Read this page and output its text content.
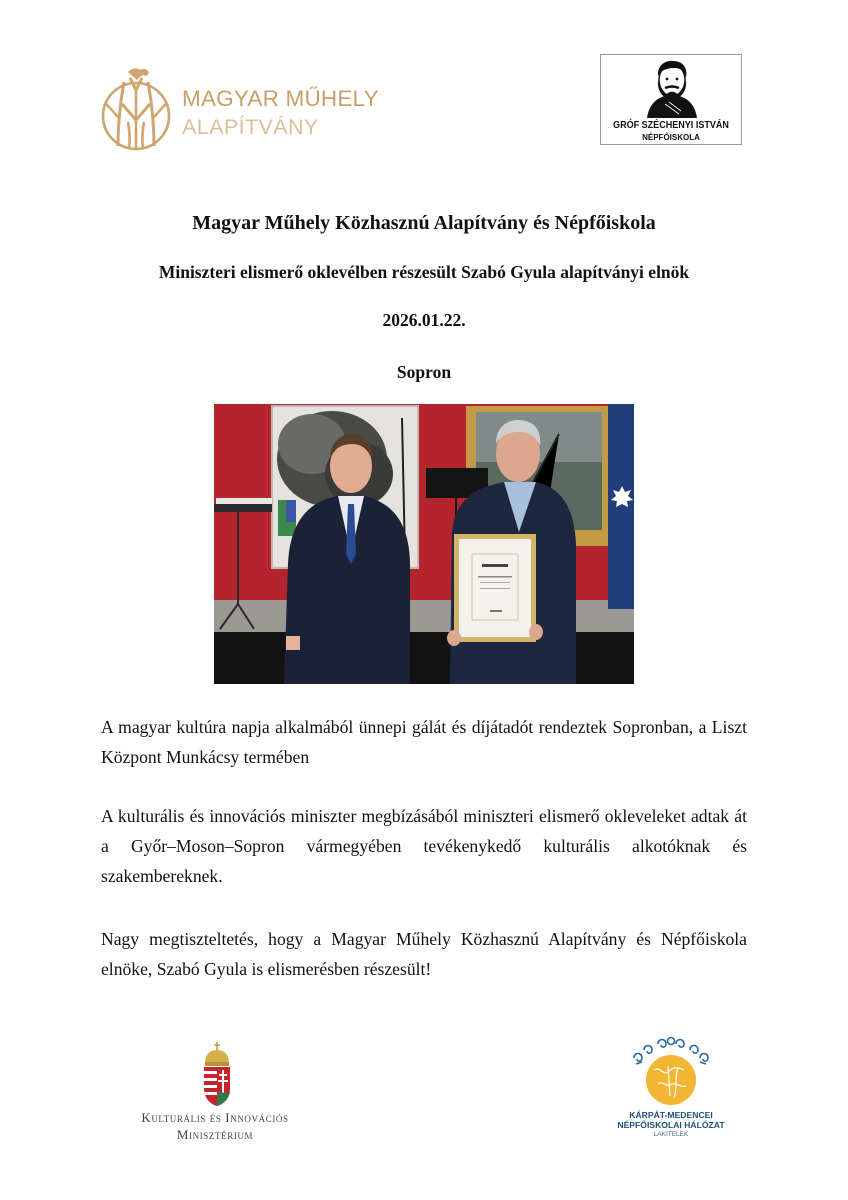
MAGYAR MŰHELY
ALAPÍTVÁNY	GRÓF SZÉCHENYI ISTVÁN
NÉPFŐISKOLA
Magyar Műhely Közhasznú Alapítvány és Népfőiskola
Miniszteri elismerő oklevélben részesült Szabó Gyula alapítványi elnök
2026.01.22.
Sopron
A magyar kultúra napja alkalmából ünnepi gálát és díjátadót rendeztek Sopronban, a Liszt Központ Munkácsy termében
A kulturális és innovációs miniszter megbízásából miniszteri elismerő okleveleket adtak át a Győr–Moson–Sopron vármegyében tevékenykedő kulturális alkotóknak és szakembereknek.
Nagy megtiszteltetés, hogy a Magyar Műhely Közhasznú Alapítvány és Népfőiskola elnöke, Szabó Gyula is elismerésben részesült!
Kulturális és Innovációs
Minisztérium
KÁRPÁT-MEDENCEI
NÉPFŐISKOLAI HÁLÓZAT
LAKITELEK
